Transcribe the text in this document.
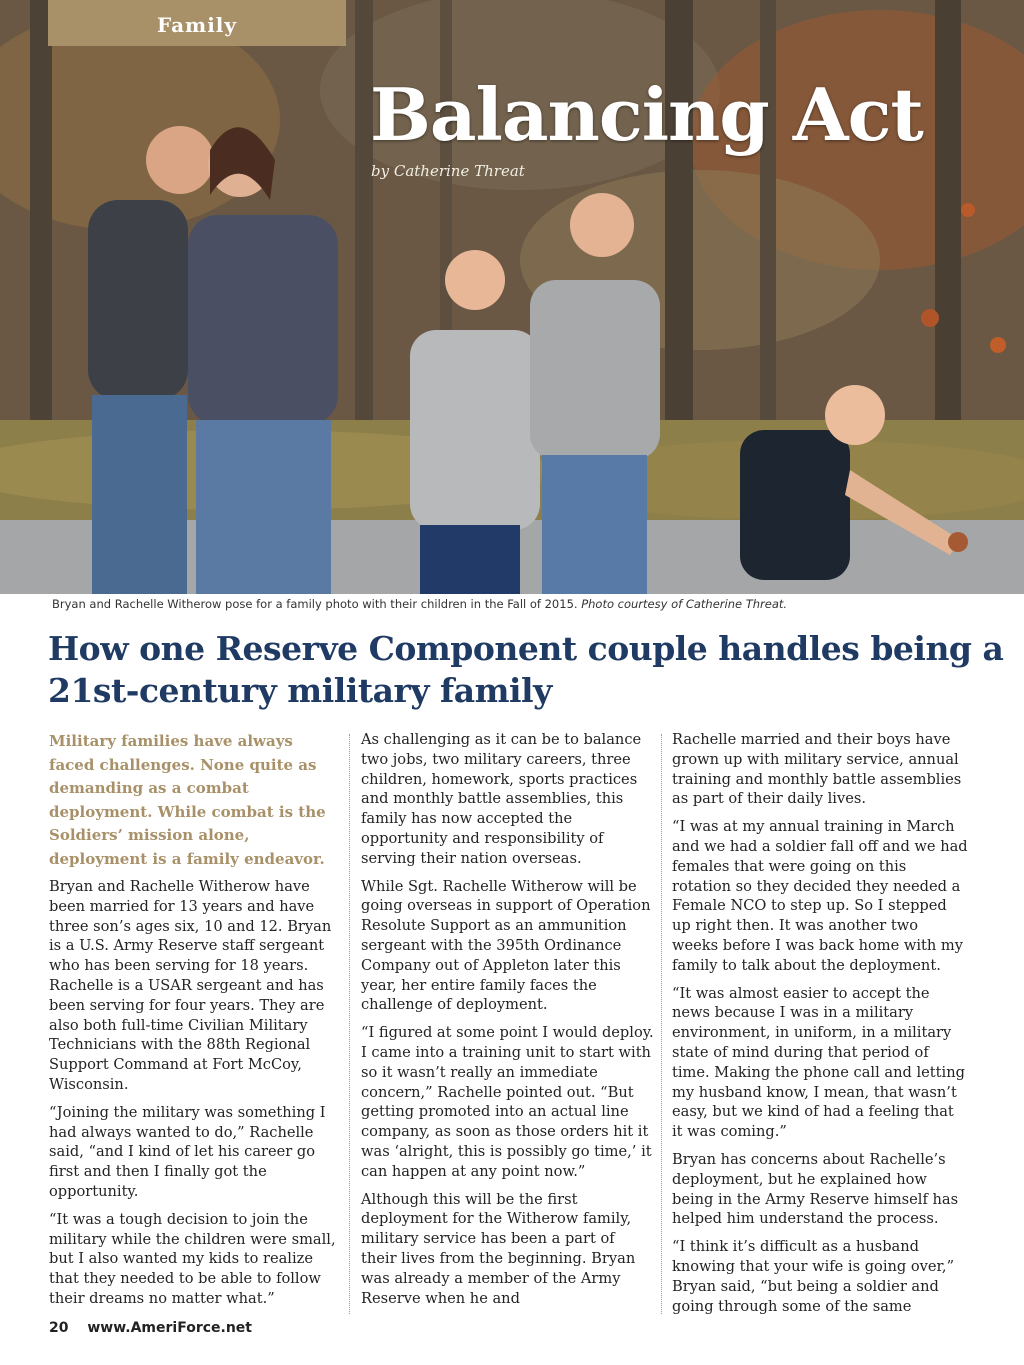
Family
Balancing Act
by Catherine Threat
Bryan and Rachelle Witherow pose for a family photo with their children in the Fall of 2015. Photo courtesy of Catherine Threat.
How one Reserve Component couple handles being a 21st-century military family

Military families have always faced challenges. None quite as demanding as a combat deployment. While combat is the Soldiers’ mission alone, deployment is a family endeavor.

Bryan and Rachelle Witherow have been married for 13 years and have three son’s ages six, 10 and 12. Bryan is a U.S. Army Reserve staff sergeant who has been serving for 18 years. Rachelle is a USAR sergeant and has been serving for four years. They are also both full-time Civilian Military Technicians with the 88th Regional Support Command at Fort McCoy, Wisconsin.

“Joining the military was something I had always wanted to do,” Rachelle said, “and I kind of let his career go first and then I finally got the opportunity.

“It was a tough decision to join the military while the children were small, but I also wanted my kids to realize that they needed to be able to follow their dreams no matter what.”

As challenging as it can be to balance two jobs, two military careers, three children, homework, sports practices and monthly battle assemblies, this family has now accepted the opportunity and responsibility of serving their nation overseas.

While Sgt. Rachelle Witherow will be going overseas in support of Operation Resolute Support as an ammunition sergeant with the 395th Ordinance Company out of Appleton later this year, her entire family faces the challenge of deployment.

“I figured at some point I would deploy. I came into a training unit to start with so it wasn’t really an immediate concern,” Rachelle pointed out. “But getting promoted into an actual line company, as soon as those orders hit it was ‘alright, this is possibly go time,’ it can happen at any point now.”

Although this will be the first deployment for the Witherow family, military service has been a part of their lives from the beginning. Bryan was already a member of the Army Reserve when he and

Rachelle married and their boys have grown up with military service, annual training and monthly battle assemblies as part of their daily lives.

“I was at my annual training in March and we had a soldier fall off and we had females that were going on this rotation so they decided they needed a Female NCO to step up. So I stepped up right then. It was another two weeks before I was back home with my family to talk about the deployment.

“It was almost easier to accept the news because I was in a military environment, in uniform, in a military state of mind during that period of time. Making the phone call and letting my husband know, I mean, that wasn’t easy, but we kind of had a feeling that it was coming.”

Bryan has concerns about Rachelle’s deployment, but he explained how being in the Army Reserve himself has helped him understand the process.

“I think it’s difficult as a husband knowing that your wife is going over,” Bryan said, “but being a soldier and going through some of the same

20 www.AmeriForce.net
